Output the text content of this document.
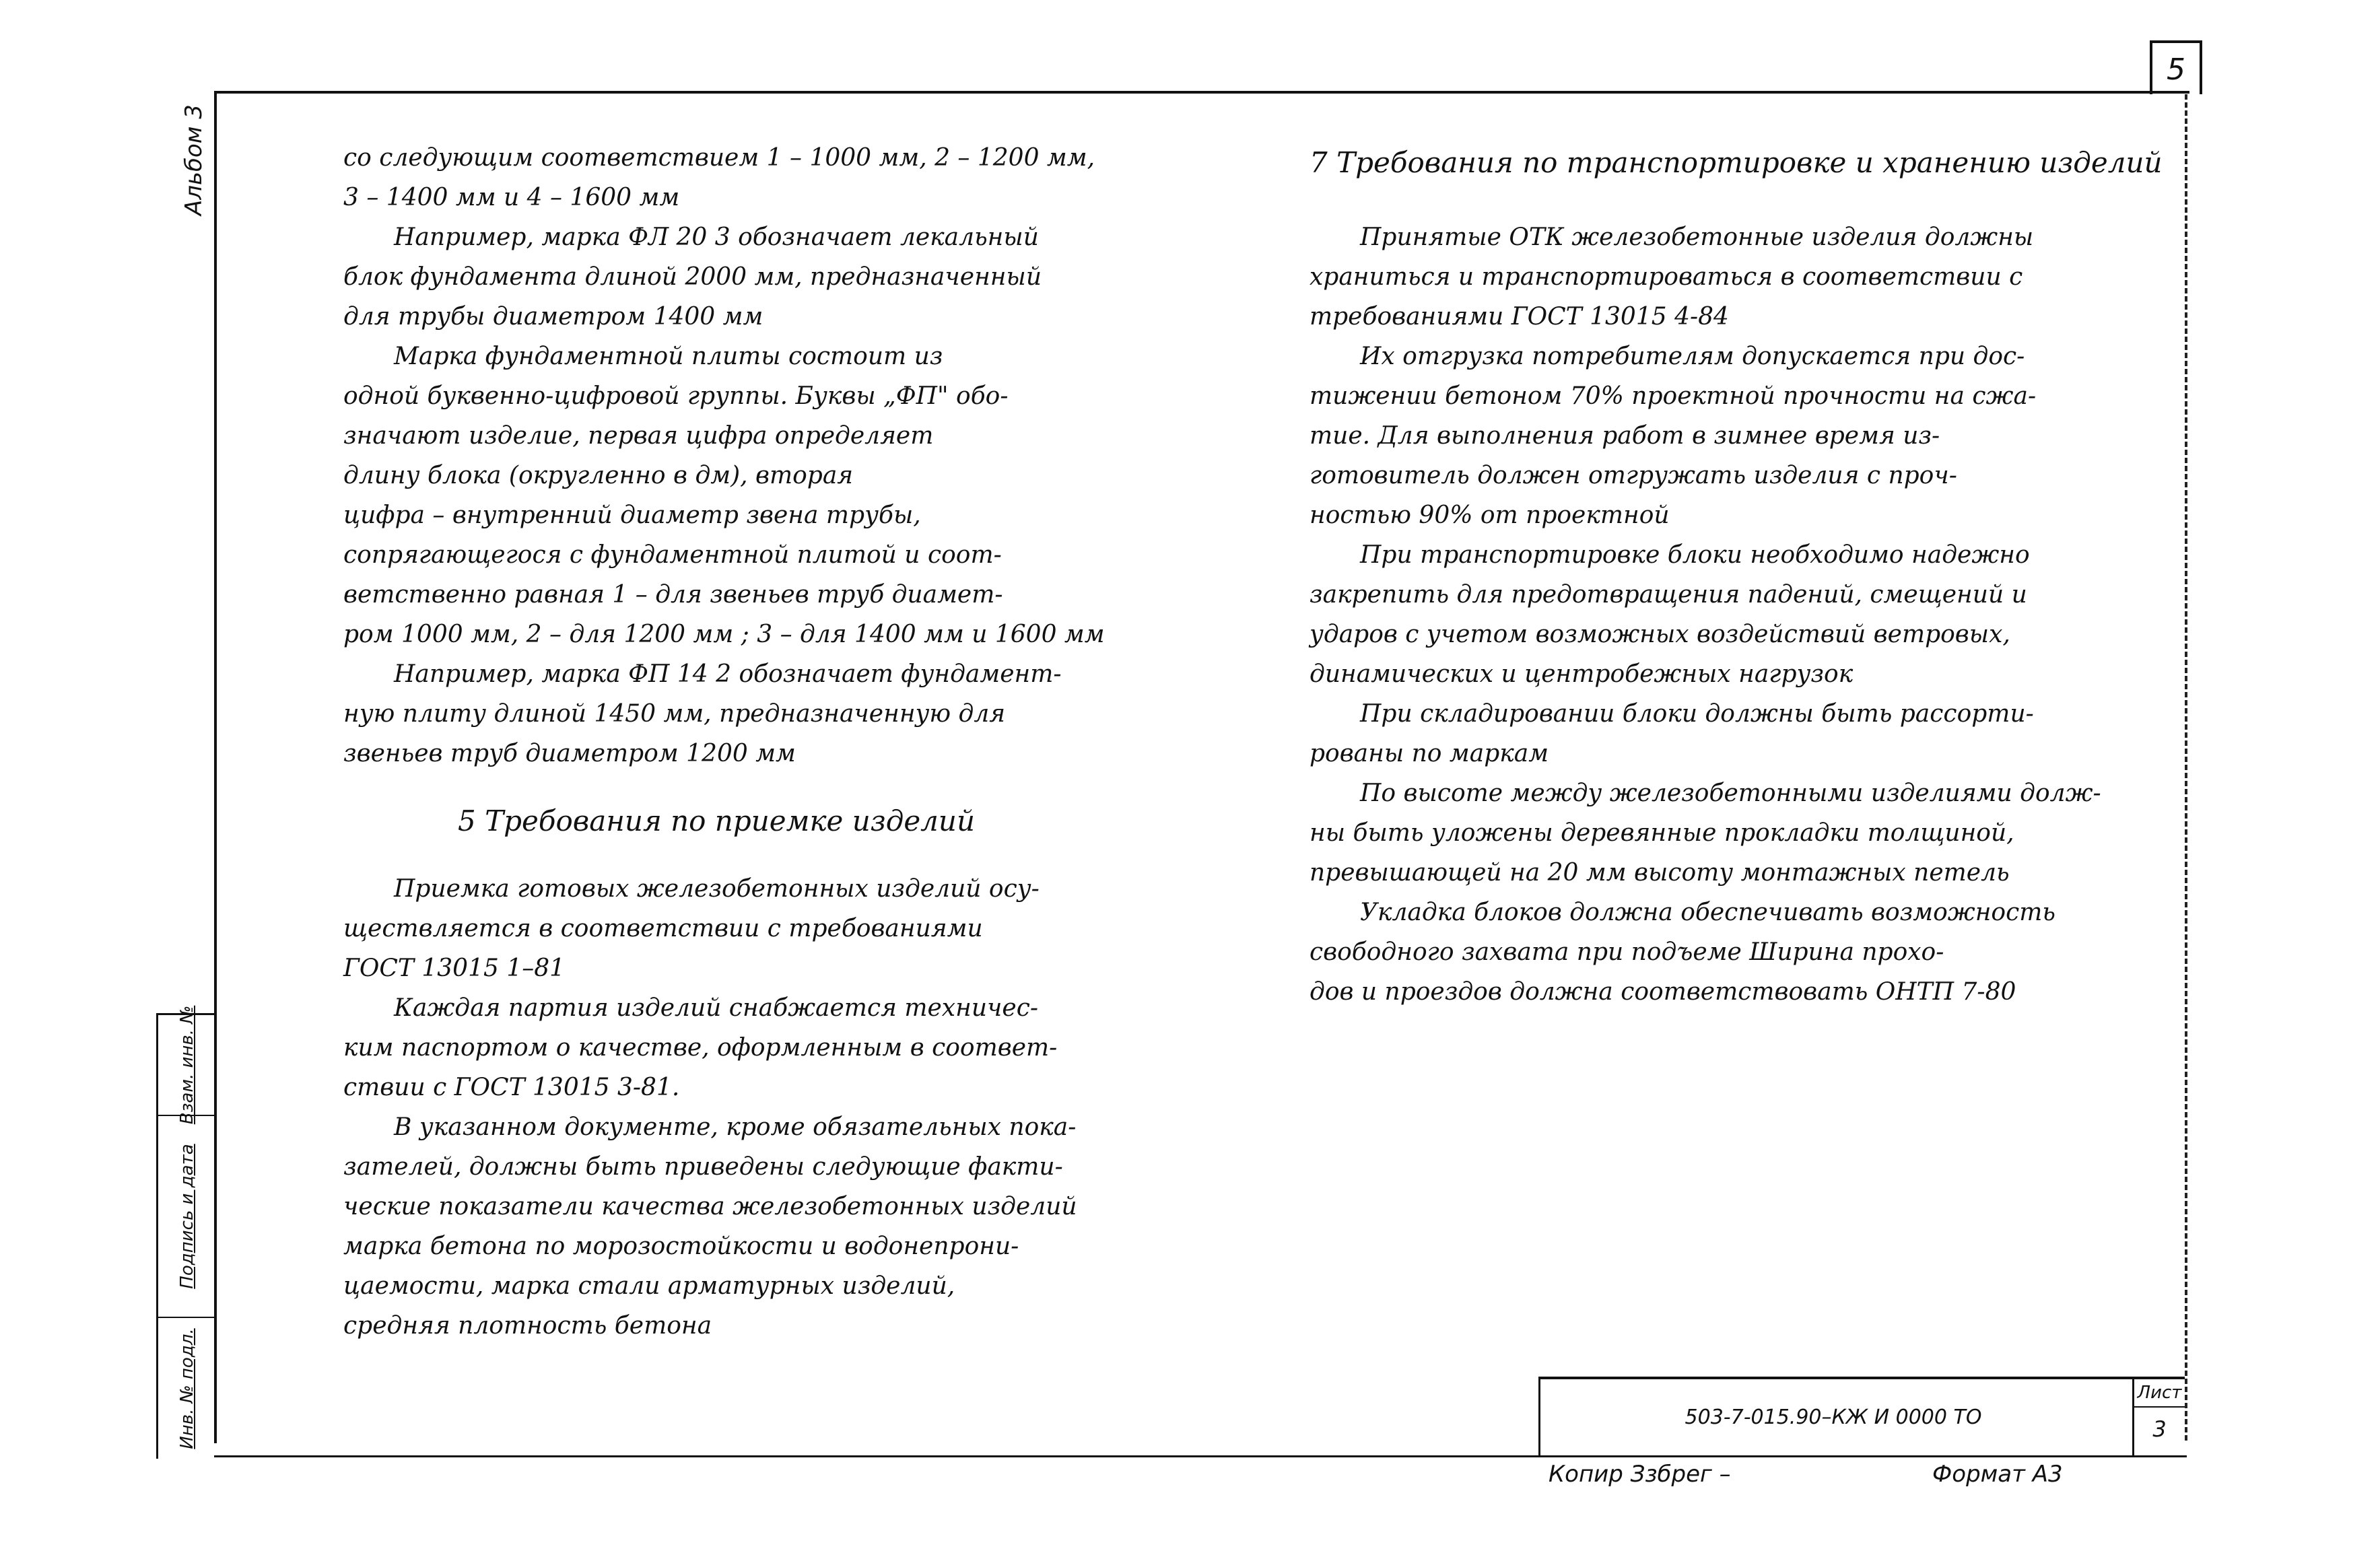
5
Альбом 3
Взам. инв. №
Подпись и дата
Инв. № подл.

со следующим соответствием 1 – 1000 мм, 2 – 1200 мм,

3 – 1400 мм и 4 – 1600 мм

Например, марка ФЛ 20 3 обозначает лекальный

блок фундамента длиной 2000 мм, предназначенный

для трубы диаметром 1400 мм

Марка фундаментной плиты состоит из

одной буквенно-цифровой группы. Буквы „ФП" обо-

значают изделие, первая цифра определяет

длину блока (округленно в дм), вторая

цифра – внутренний диаметр звена трубы,

сопрягающегося с фундаментной плитой и соот-

ветственно равная 1 – для звеньев труб диамет-

ром 1000 мм, 2 – для 1200 мм ; 3 – для 1400 мм и 1600 мм

Например, марка ФП 14 2 обозначает фундамент-

ную плиту длиной 1450 мм, предназначенную для

звеньев труб диаметром 1200 мм

5 Требования по приемке изделий

Приемка готовых железобетонных изделий осу-

ществляется в соответствии с требованиями

ГОСТ 13015 1–81

Каждая партия изделий снабжается техничес-

ким паспортом о качестве, оформленным в соответ-

ствии с ГОСТ 13015 3-81.

В указанном документе, кроме обязательных пока-

зателей, должны быть приведены следующие факти-

ческие показатели качества железобетонных изделий

марка бетона по морозостойкости и водонепрони-

цаемости, марка стали арматурных изделий,

средняя плотность бетона

7 Требования по транспортировке и хранению изделий

Принятые ОТК железобетонные изделия должны

храниться и транспортироваться в соответствии с

требованиями ГОСТ 13015 4-84

Их отгрузка потребителям допускается при дос-

тижении бетоном 70% проектной прочности на сжа-

тие. Для выполнения работ в зимнее время из-

готовитель должен отгружать изделия с проч-

ностью 90% от проектной

При транспортировке блоки необходимо надежно

закрепить для предотвращения падений, смещений и

ударов с учетом возможных воздействий ветровых,

динамических и центробежных нагрузок

При складировании блоки должны быть рассорти-

рованы по маркам

По высоте между железобетонными изделиями долж-

ны быть уложены деревянные прокладки толщиной,

превышающей на 20 мм высоту монтажных петель

Укладка блоков должна обеспечивать возможность

свободного захвата при подъеме Ширина прохо-

дов и проездов должна соответствовать ОНТП 7-80

503-7-015.90–КЖ И 0000 ТО
Лист
3
Копир Ззбрег –	Формат А3
